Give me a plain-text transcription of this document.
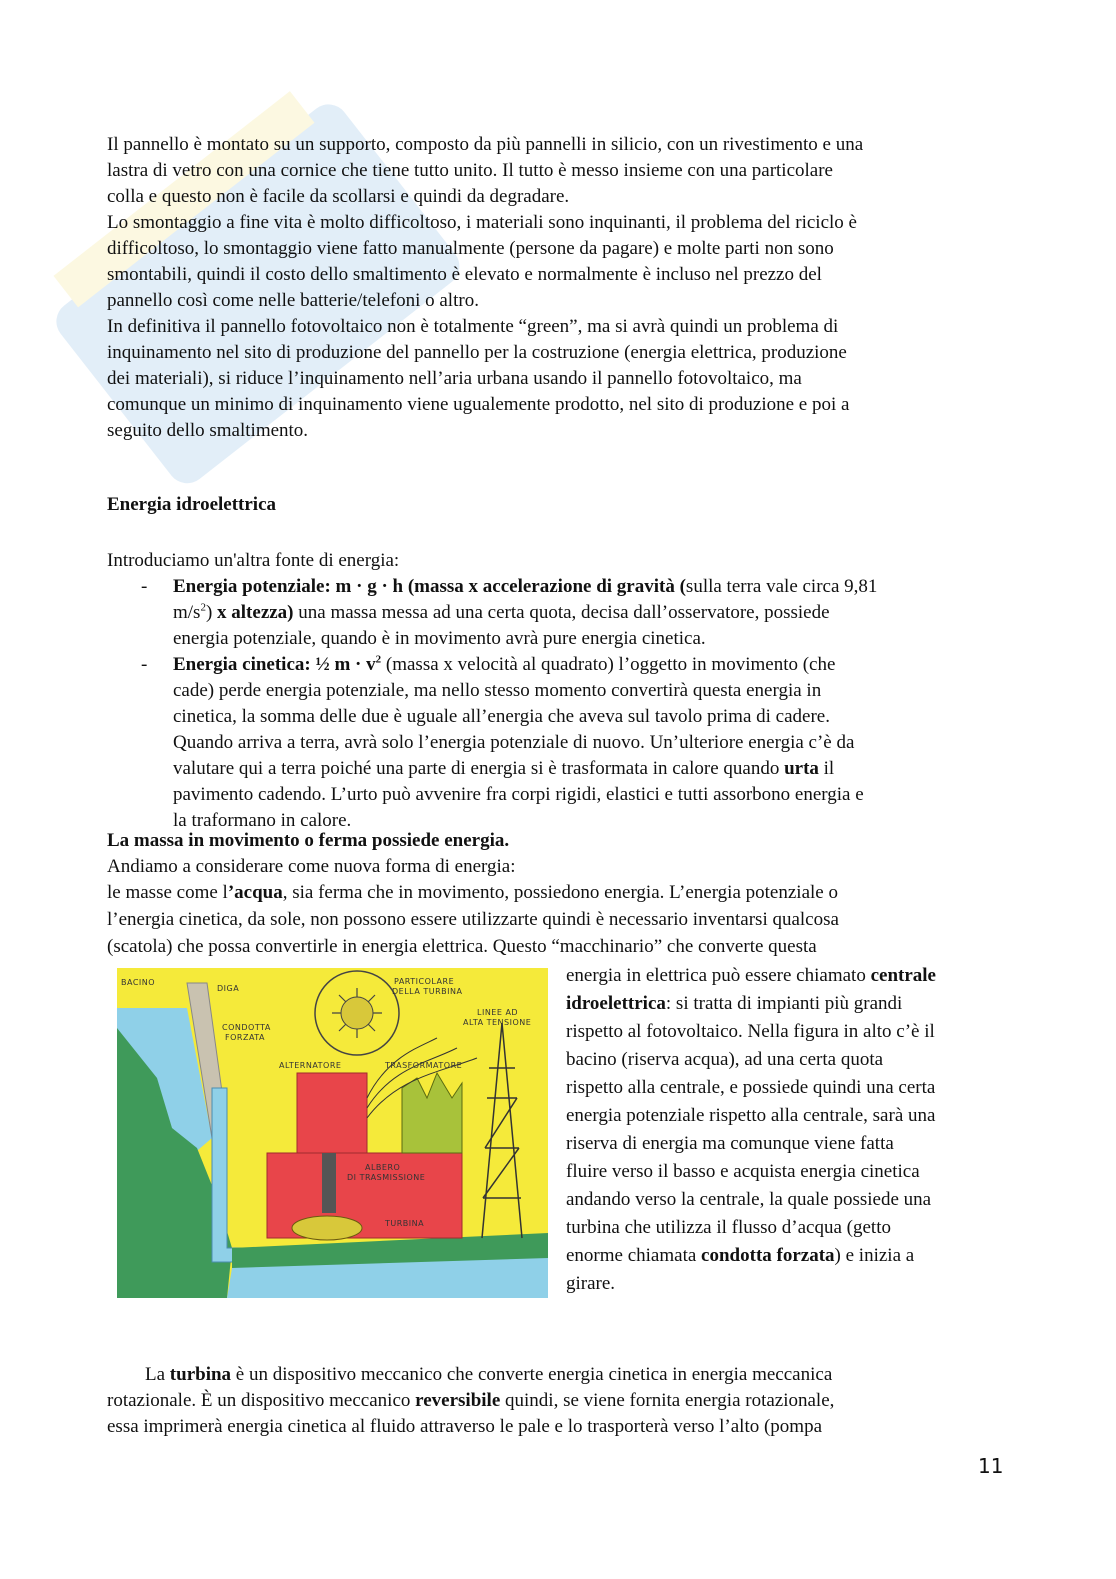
Il pannello è montato su un supporto, composto da più pannelli in silicio, con un rivestimento e una

lastra di vetro con una cornice che tiene tutto unito. Il tutto è messo insieme con una particolare

colla e questo non è facile da scollarsi e quindi da degradare.

Lo smontaggio a fine vita è molto difficoltoso, i materiali sono inquinanti, il problema del riciclo è

difficoltoso, lo smontaggio viene fatto manualmente (persone da pagare) e molte parti non sono

smontabili, quindi il costo dello smaltimento è elevato e normalmente è incluso nel prezzo del

pannello così come nelle batterie/telefoni o altro.

In definitiva il pannello fotovoltaico non è totalmente “green”, ma si avrà quindi un problema di

inquinamento nel sito di produzione del pannello per la costruzione (energia elettrica, produzione

dei materiali), si riduce l’inquinamento nell’aria urbana usando il pannello fotovoltaico, ma

comunque un minimo di inquinamento viene ugualemente prodotto, nel sito di produzione e poi a

seguito dello smaltimento.

Energia idroelettrica

Introduciamo un'altra fonte di energia:

- Energia potenziale: m · g · h (massa x accelerazione di gravità (sulla terra vale circa 9,81
$m/s^2$) x altezza) una massa messa ad una certa quota, decisa dall’osservatore, possiede
energia potenziale, quando è in movimento avrà pure energia cinetica.
- Energia cinetica: ½ $m \cdot v^2$ (massa x velocità al quadrato) l’oggetto in movimento (che
cade) perde energia potenziale, ma nello stesso momento convertirà questa energia in
cinetica, la somma delle due è uguale all’energia che aveva sul tavolo prima di cadere.
Quando arriva a terra, avrà solo l’energia potenziale di nuovo. Un’ulteriore energia c’è da
valutare qui a terra poiché una parte di energia si è trasformata in calore quando urta il
pavimento cadendo. L’urto può avvenire fra corpi rigidi, elastici e tutti assorbono energia e
la traformano in calore.

La massa in movimento o ferma possiede energia.

Andiamo a considerare come nuova forma di energia:

le masse come l’acqua, sia ferma che in movimento, possiedono energia. L’energia potenziale o

l’energia cinetica, da sole, non possono essere utilizzarte quindi è necessario inventarsi qualcosa

(scatola) che possa convertirle in energia elettrica. Questo “macchinario” che converte questa

BACINO
DIGA
CONDOTTA
FORZATA
PARTICOLARE
DELLA TURBINA
LINEE AD
ALTA TENSIONE
ALTERNATORE	TRASFORMATORE
ALBERO
DI TRASMISSIONE
TURBINA
energia in elettrica può essere chiamato centrale
idroelettrica: si tratta di impianti più grandi
rispetto al fotovoltaico. Nella figura in alto c’è il
bacino (riserva acqua), ad una certa quota
rispetto alla centrale, e possiede quindi una certa
energia potenziale rispetto alla centrale, sarà una
riserva di energia ma comunque viene fatta
fluire verso il basso e acquista energia cinetica
andando verso la centrale, la quale possiede una
turbina che utilizza il flusso d’acqua (getto
enorme chiamata condotta forzata) e inizia a
girare.

La turbina è un dispositivo meccanico che converte energia cinetica in energia meccanica
rotazionale. È un dispositivo meccanico reversibile quindi, se viene fornita energia rotazionale,
essa imprimerà energia cinetica al fluido attraverso le pale e lo trasporterà verso l’alto (pompa

11
